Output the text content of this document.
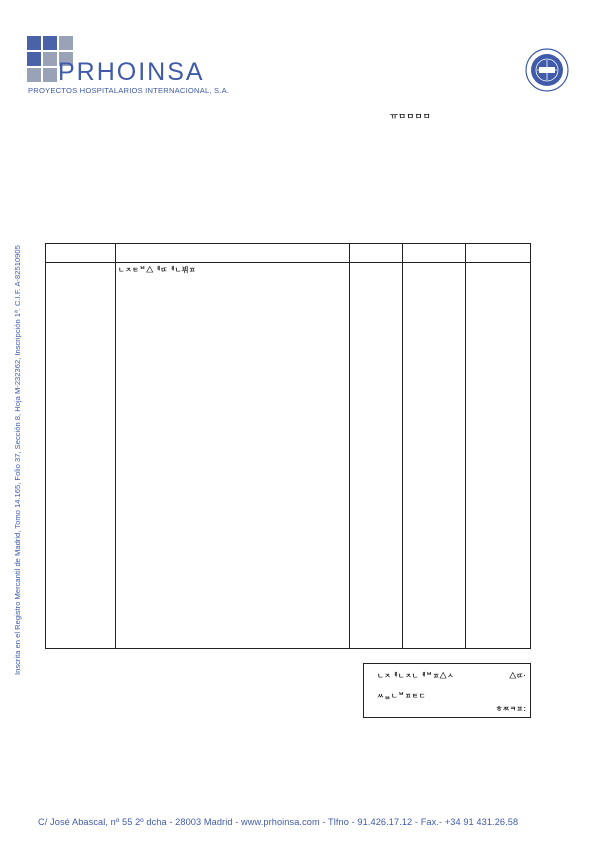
PRHOINSA
PROYECTOS HOSPITALARIOS INTERNACIONAL, S.A.
ㅠㅁㅁㅁㅁ
Inscrita en el Registro Mercantil de Madrid, Tomo 14.165, Folio 37, Sección 8, Hoja M-232362, Inscripción 1ª. C.I.F. A-82510905	ㄴㅈㅌᄇ△ᅦㄸᅦㄴ뷔ㅍ
ㄴㅈᅦㄴㅈㄴᅦᄇㅍ△ㅅ	△ㄸ·
ㅆᆯㄴᄇㅍㅌㄷ
ㅎㅉㅋㅍ:
C/ José Abascal, nº 55 2º dcha - 28003 Madrid - www.prhoinsa.com - Tlfno - 91.426.17.12 - Fax.- +34 91 431.26.58
